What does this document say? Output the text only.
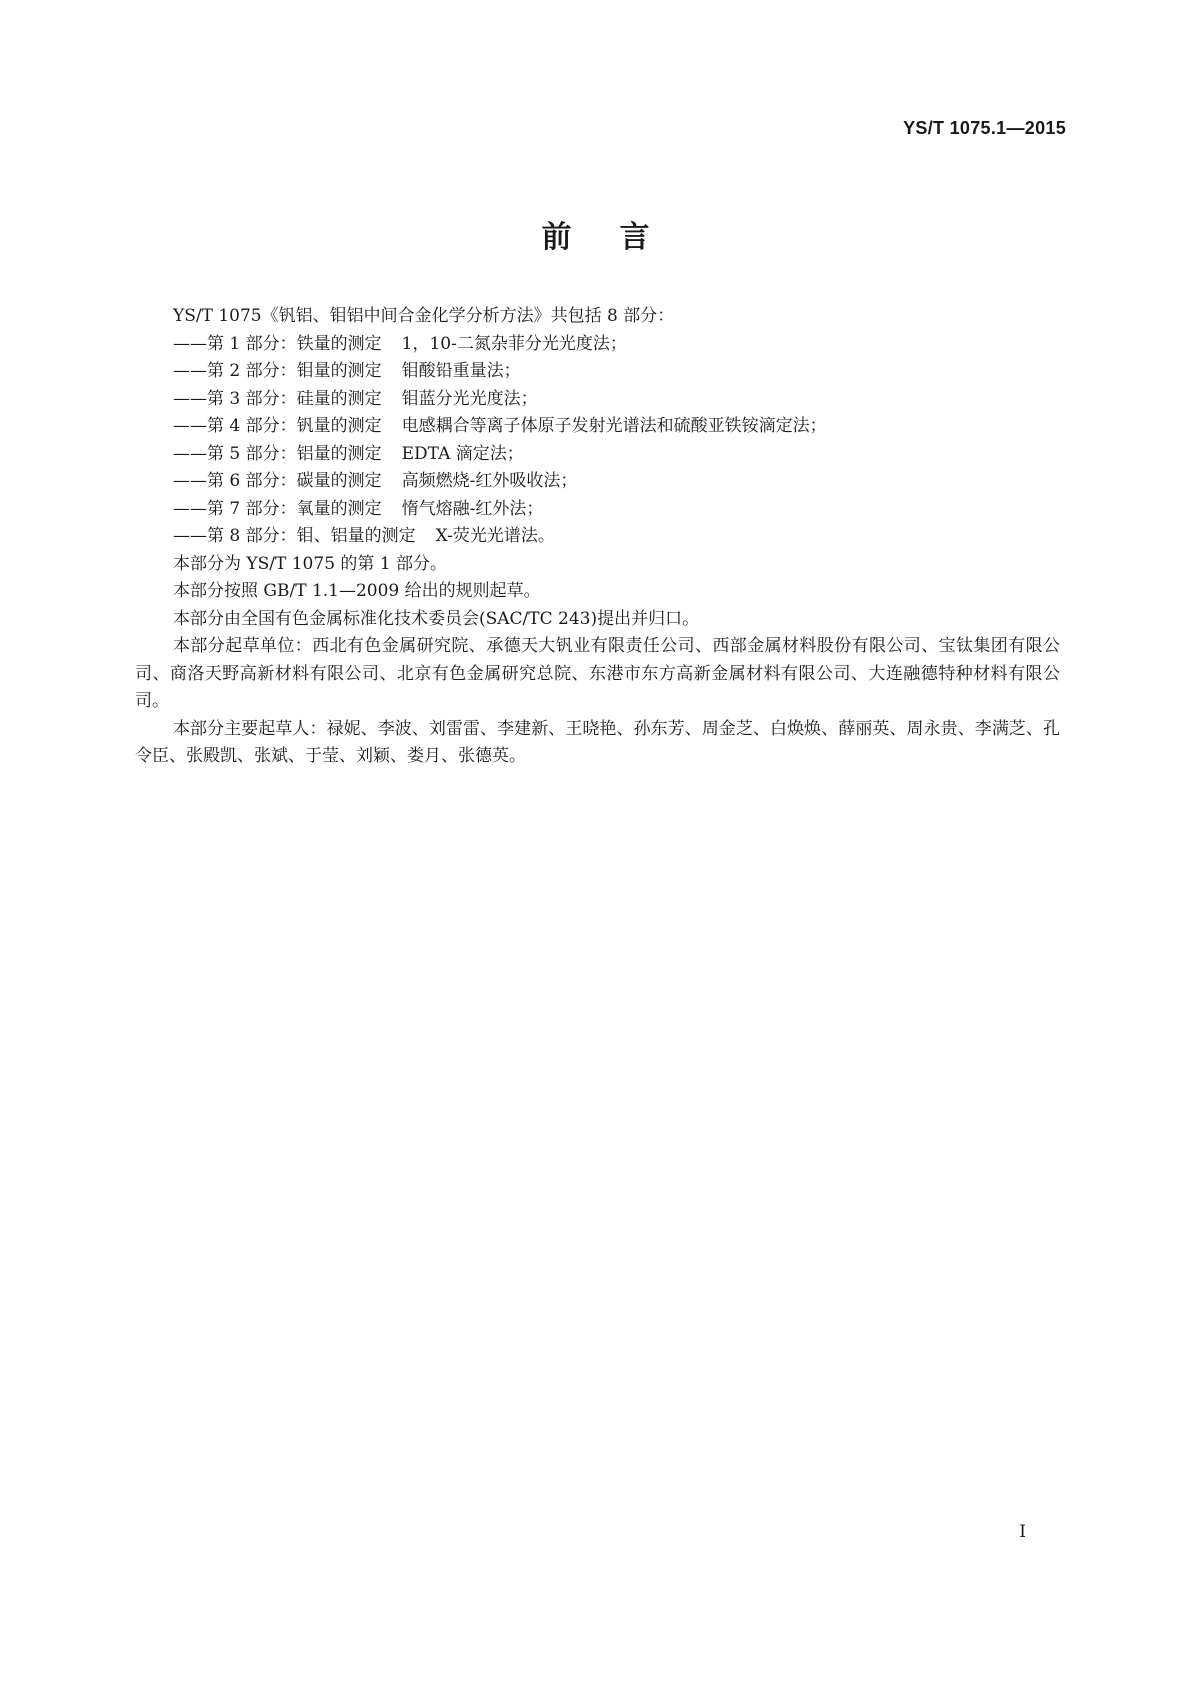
YS/T 1075.1—2015
前言

YS/T 1075《钒铝、钼铝中间合金化学分析方法》共包括 8 部分：

——第 1 部分：铁量的测定 1，10-二氮杂菲分光光度法；

——第 2 部分：钼量的测定 钼酸铅重量法；

——第 3 部分：硅量的测定 钼蓝分光光度法；

——第 4 部分：钒量的测定 电感耦合等离子体原子发射光谱法和硫酸亚铁铵滴定法；

——第 5 部分：铝量的测定 EDTA 滴定法；

——第 6 部分：碳量的测定 高频燃烧-红外吸收法；

——第 7 部分：氧量的测定 惰气熔融-红外法；

——第 8 部分：钼、铝量的测定 X-荧光光谱法。

本部分为 YS/T 1075 的第 1 部分。

本部分按照 GB/T 1.1—2009 给出的规则起草。

本部分由全国有色金属标准化技术委员会(SAC/TC 243)提出并归口。

本部分起草单位：西北有色金属研究院、承德天大钒业有限责任公司、西部金属材料股份有限公司、宝钛集团有限公司、商洛天野高新材料有限公司、北京有色金属研究总院、东港市东方高新金属材料有限公司、大连融德特种材料有限公司。

本部分主要起草人：禄妮、李波、刘雷雷、李建新、王晓艳、孙东芳、周金芝、白焕焕、薛丽英、周永贵、李满芝、孔令臣、张殿凯、张斌、于莹、刘颖、娄月、张德英。

I
